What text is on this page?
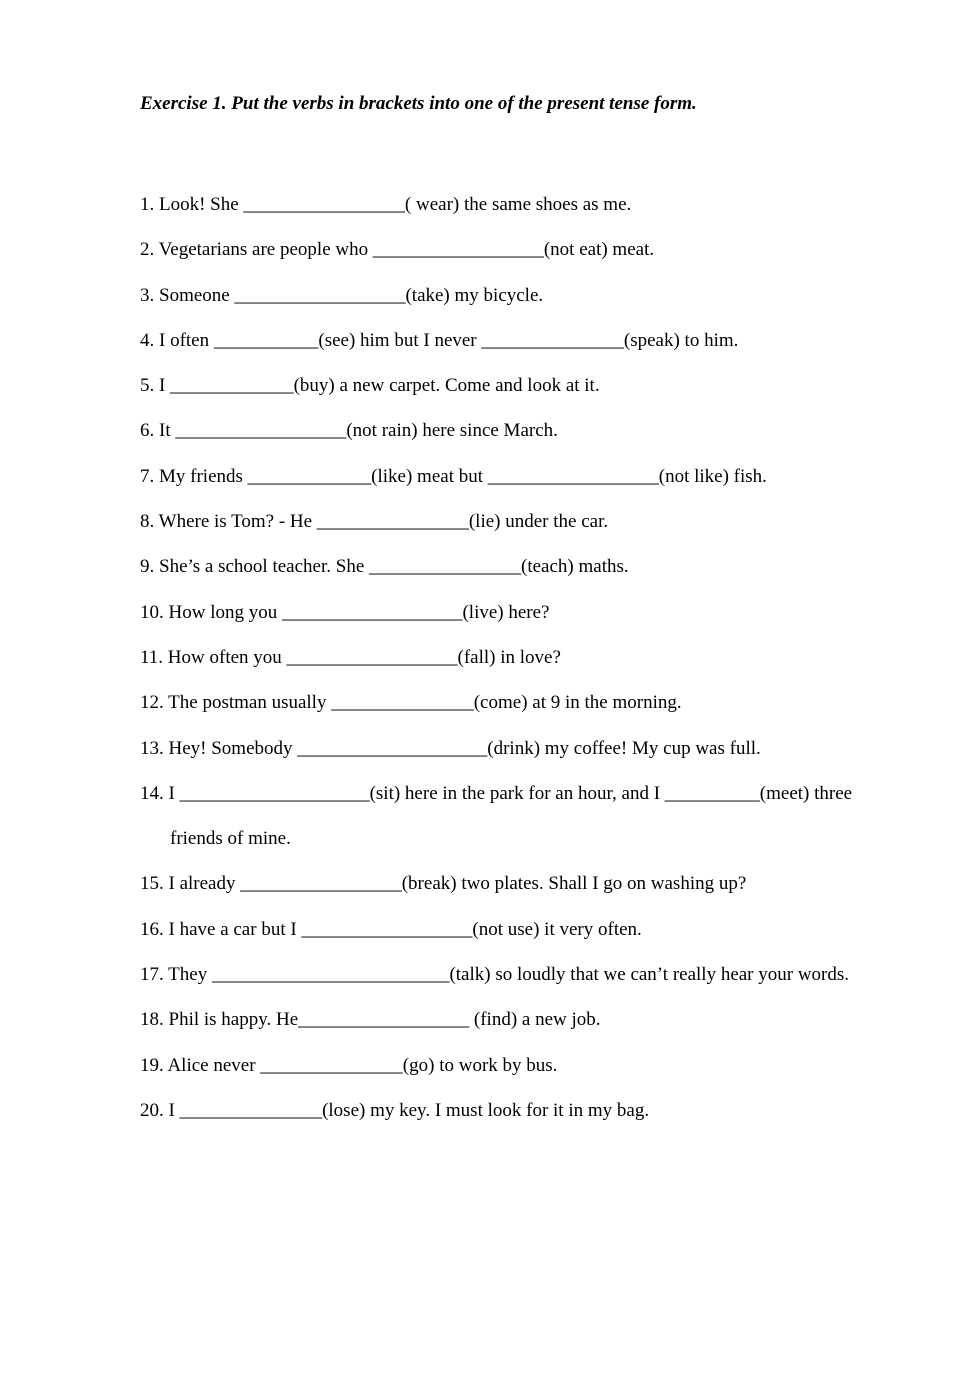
Exercise 1. Put the verbs in brackets into one of the present tense form.
1. Look! She _________________( wear) the same shoes as me.
2. Vegetarians are people who __________________(not eat) meat.
3. Someone __________________(take) my bicycle.
4. I often ___________(see) him but I never _______________(speak) to him.
5. I _____________(buy) a new carpet. Come and look at it.
6. It __________________(not rain) here since March.
7. My friends _____________(like) meat but __________________(not like) fish.
8. Where is Tom? - He ________________(lie) under the car.
9. She’s a school teacher. She ________________(teach) maths.
10. How long you ___________________(live) here?
11. How often you __________________(fall) in love?
12. The postman usually _______________(come) at 9 in the morning.
13. Hey! Somebody ____________________(drink) my coffee! My cup was full.
14. I ____________________(sit) here in the park for an hour, and I __________(meet) three
friends of mine.
15. I already _________________(break) two plates. Shall I go on washing up?
16. I have a car but I __________________(not use) it very often.
17. They _________________________(talk) so loudly that we can’t really hear your words.
18. Phil is happy. He__________________ (find) a new job.
19. Alice never _______________(go) to work by bus.
20. I _______________(lose) my key. I must look for it in my bag.
